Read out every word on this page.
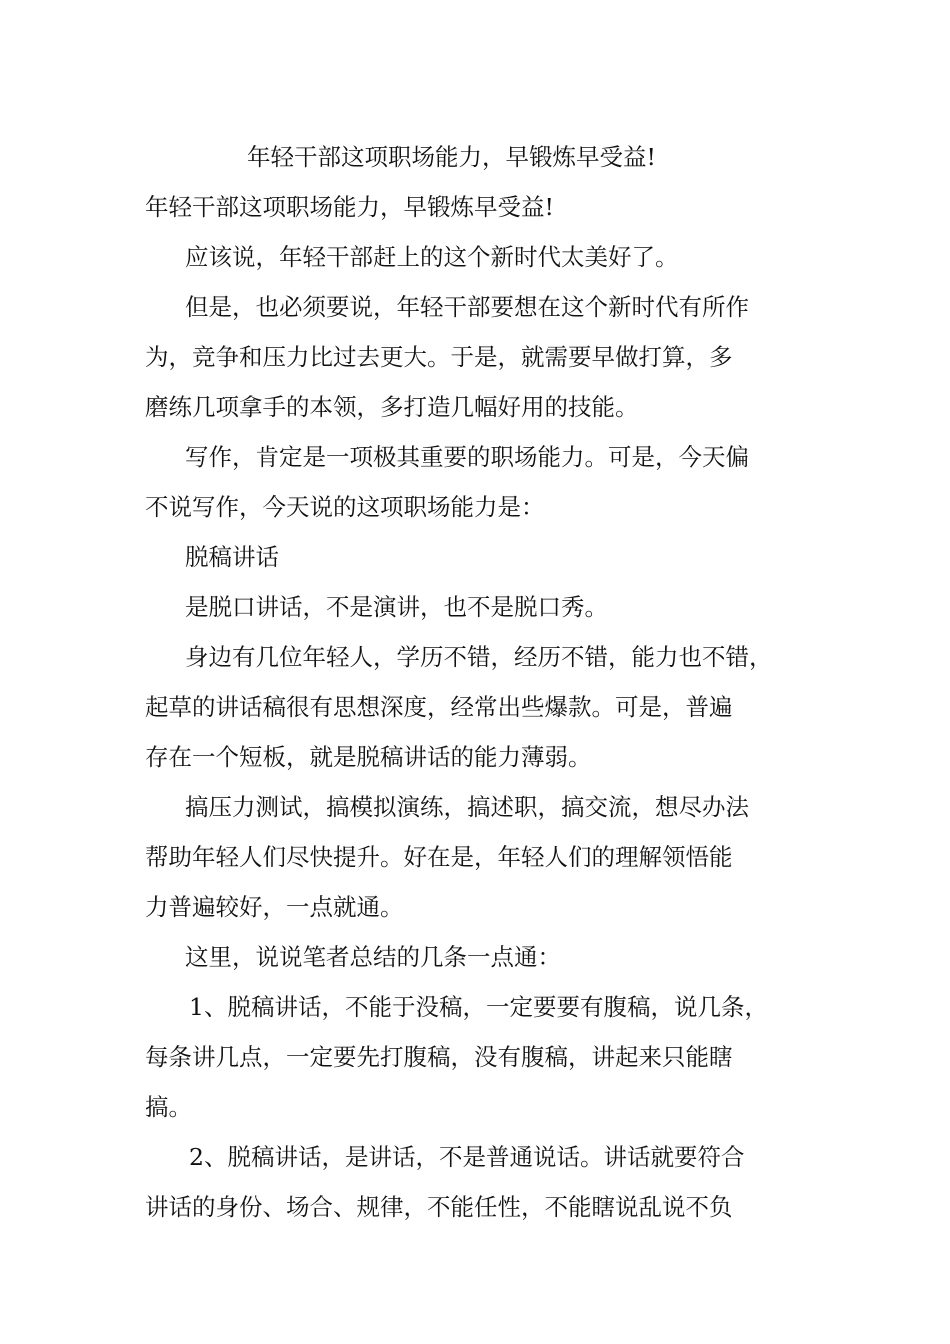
年轻干部这项职场能力，早锻炼早受益!
年轻干部这项职场能力，早锻炼早受益!
应该说，年轻干部赶上的这个新时代太美好了。
但是，也必须要说，年轻干部要想在这个新时代有所作
为，竞争和压力比过去更大。于是，就需要早做打算，多
磨练几项拿手的本领，多打造几幅好用的技能。
写作，肯定是一项极其重要的职场能力。可是，今天偏
不说写作，今天说的这项职场能力是：
脱稿讲话
是脱口讲话，不是演讲，也不是脱口秀。
身边有几位年轻人，学历不错，经历不错，能力也不错，
起草的讲话稿很有思想深度，经常出些爆款。可是，普遍
存在一个短板，就是脱稿讲话的能力薄弱。
搞压力测试，搞模拟演练，搞述职，搞交流，想尽办法
帮助年轻人们尽快提升。好在是，年轻人们的理解领悟能
力普遍较好，一点就通。
这里，说说笔者总结的几条一点通：
1、脱稿讲话，不能于没稿，一定要要有腹稿，说几条，
每条讲几点，一定要先打腹稿，没有腹稿，讲起来只能瞎
搞。
2、脱稿讲话，是讲话，不是普通说话。讲话就要符合
讲话的身份、场合、规律，不能任性，不能瞎说乱说不负
